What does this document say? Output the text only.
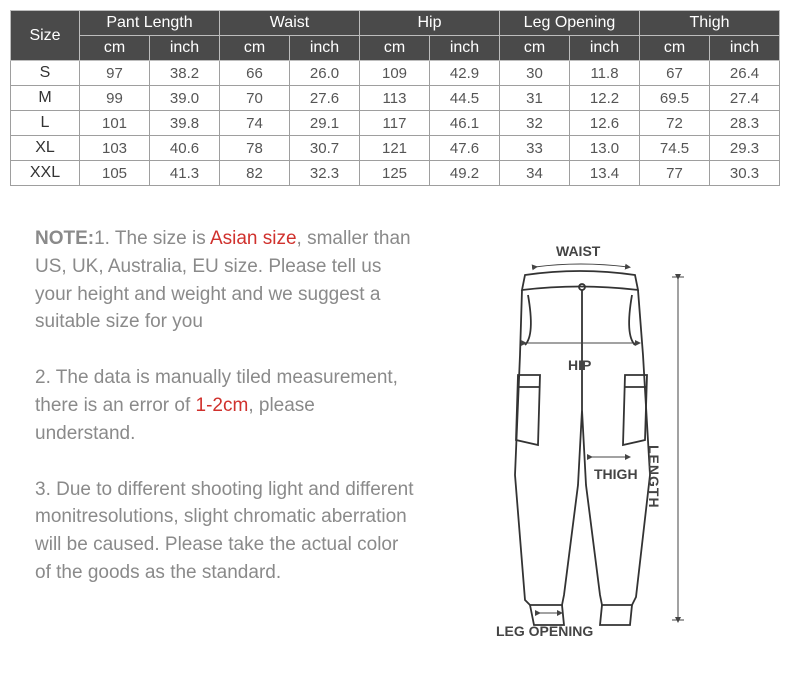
Size	Pant Length		Waist		Hip		Leg Opening		Thigh	
	cm	inch	cm	inch	cm	inch	cm	inch	cm	inch
S	97	38.2	66	26.0	109	42.9	30	11.8	67	26.4
M	99	39.0	70	27.6	113	44.5	31	12.2	69.5	27.4
L	101	39.8	74	29.1	117	46.1	32	12.6	72	28.3
XL	103	40.6	78	30.7	121	47.6	33	13.0	74.5	29.3
XXL	105	41.3	82	32.3	125	49.2	34	13.4	77	30.3

NOTE:1. The size is Asian size, smaller than US, UK, Australia, EU size. Please tell us your height and weight and we suggest a suitable size for you

2. The data is manually tiled measurement, there is an error of 1-2cm, please understand.

3. Due to different shooting light and different monitresolutions, slight chromatic aberration will be caused. Please take the actual color of the goods as the standard.

WAIST
HIP
THIGH
LEG OPENING
LENGTH
